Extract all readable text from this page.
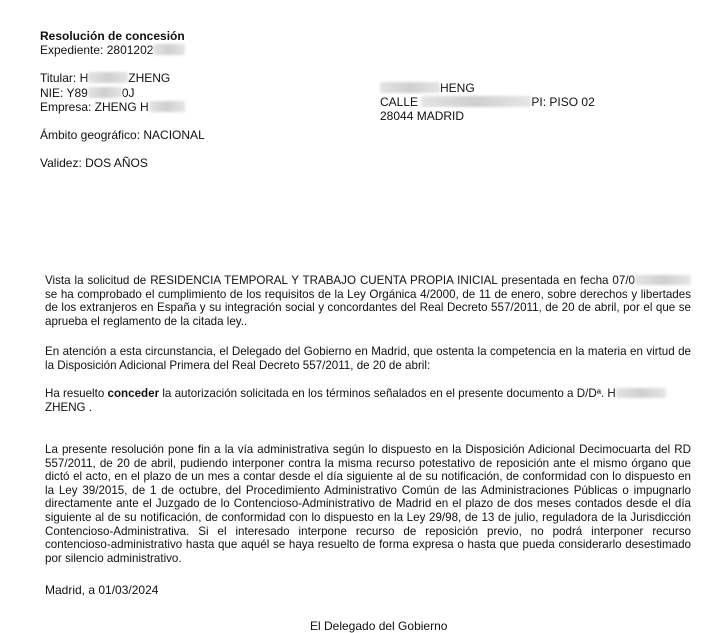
Resolución de concesión
Expediente: 2801202
Titular: H	ZHENG
NIE: Y89	0J
Empresa: ZHENG H
Ámbito geográfico: NACIONAL
Validez: DOS AÑOS
HENG
CALLE	PI: PISO 02
28044 MADRID
Vista la solicitud de RESIDENCIA TEMPORAL Y TRABAJO CUENTA PROPIA INICIAL presentada en fecha 07/0 se ha comprobado el cumplimiento de los requisitos de la Ley Orgánica 4/2000, de 11 de enero, sobre derechos y libertades de los extranjeros en España y su integración social y concordantes del Real Decreto 557/2011, de 20 de abril, por el que se aprueba el reglamento de la citada ley..
En atención a esta circunstancia, el Delegado del Gobierno en Madrid, que ostenta la competencia en la materia en virtud de la Disposición Adicional Primera del Real Decreto 557/2011, de 20 de abril:
Ha resuelto conceder la autorización solicitada en los términos señalados en el presente documento a D/Dª. H
ZHENG .
La presente resolución pone fin a la vía administrativa según lo dispuesto en la Disposición Adicional Decimocuarta del RD 557/2011, de 20 de abril, pudiendo interponer contra la misma recurso potestativo de reposición ante el mismo órgano que dictó el acto, en el plazo de un mes a contar desde el día siguiente al de su notificación, de conformidad con lo dispuesto en la Ley 39/2015, de 1 de octubre, del Procedimiento Administrativo Común de las Administraciones Públicas o impugnarlo directamente ante el Juzgado de lo Contencioso-Administrativo de Madrid en el plazo de dos meses contados desde el día siguiente al de su notificación, de conformidad con lo dispuesto en la Ley 29/98, de 13 de julio, reguladora de la Jurisdicción Contencioso-Administrativa. Si el interesado interpone recurso de reposición previo, no podrá interponer recurso contencioso-administrativo hasta que aquél se haya resuelto de forma expresa o hasta que pueda considerarlo desestimado por silencio administrativo.
Madrid, a 01/03/2024
El Delegado del Gobierno
